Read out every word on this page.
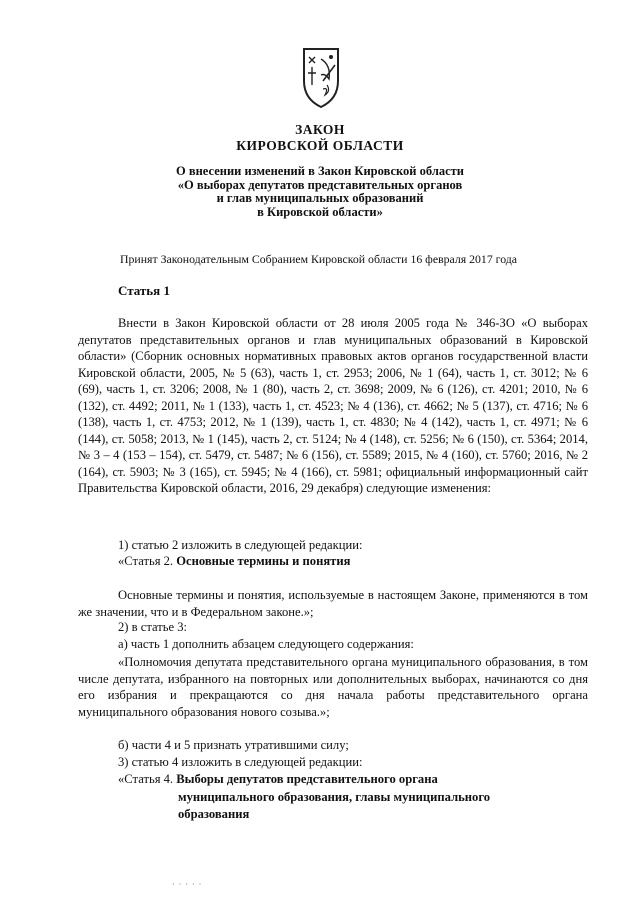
ЗАКОН
КИРОВСКОЙ ОБЛАСТИ
О внесении изменений в Закон Кировской области
«О выборах депутатов представительных органов
и глав муниципальных образований
в Кировской области»
Принят Законодательным Собранием Кировской области 16 февраля 2017 года
Статья 1
Внести в Закон Кировской области от 28 июля 2005 года № 346-ЗО «О выборах депутатов представительных органов и глав муниципальных образований в Кировской области» (Сборник основных нормативных правовых актов органов государственной власти Кировской области, 2005, № 5 (63), часть 1, ст. 2953; 2006, № 1 (64), часть 1, ст. 3012; № 6 (69), часть 1, ст. 3206; 2008, № 1 (80), часть 2, ст. 3698; 2009, № 6 (126), ст. 4201; 2010, № 6 (132), ст. 4492; 2011, № 1 (133), часть 1, ст. 4523; № 4 (136), ст. 4662; № 5 (137), ст. 4716; № 6 (138), часть 1, ст. 4753; 2012, № 1 (139), часть 1, ст. 4830; № 4 (142), часть 1, ст. 4971; № 6 (144), ст. 5058; 2013, № 1 (145), часть 2, ст. 5124; № 4 (148), ст. 5256; № 6 (150), ст. 5364; 2014, № 3 – 4 (153 – 154), ст. 5479, ст. 5487; № 6 (156), ст. 5589; 2015, № 4 (160), ст. 5760; 2016, № 2 (164), ст. 5903; № 3 (165), ст. 5945; № 4 (166), ст. 5981; официальный информационный сайт Правительства Кировской области, 2016, 29 декабря) следующие изменения:
1) статью 2 изложить в следующей редакции:
«Статья 2. Основные термины и понятия
Основные термины и понятия, используемые в настоящем Законе, применяются в том же значении, что и в Федеральном законе.»;
2) в статье 3:
а) часть 1 дополнить абзацем следующего содержания:
«Полномочия депутата представительного органа муниципального образования, в том числе депутата, избранного на повторных или дополнительных выборах, начинаются со дня его избрания и прекращаются со дня начала работы представительного органа муниципального образования нового созыва.»;
б) части 4 и 5 признать утратившими силу;
3) статью 4 изложить в следующей редакции:
«Статья 4. Выборы депутатов представительного органа
муниципального образования, главы муниципального
образования
· · · · ·
